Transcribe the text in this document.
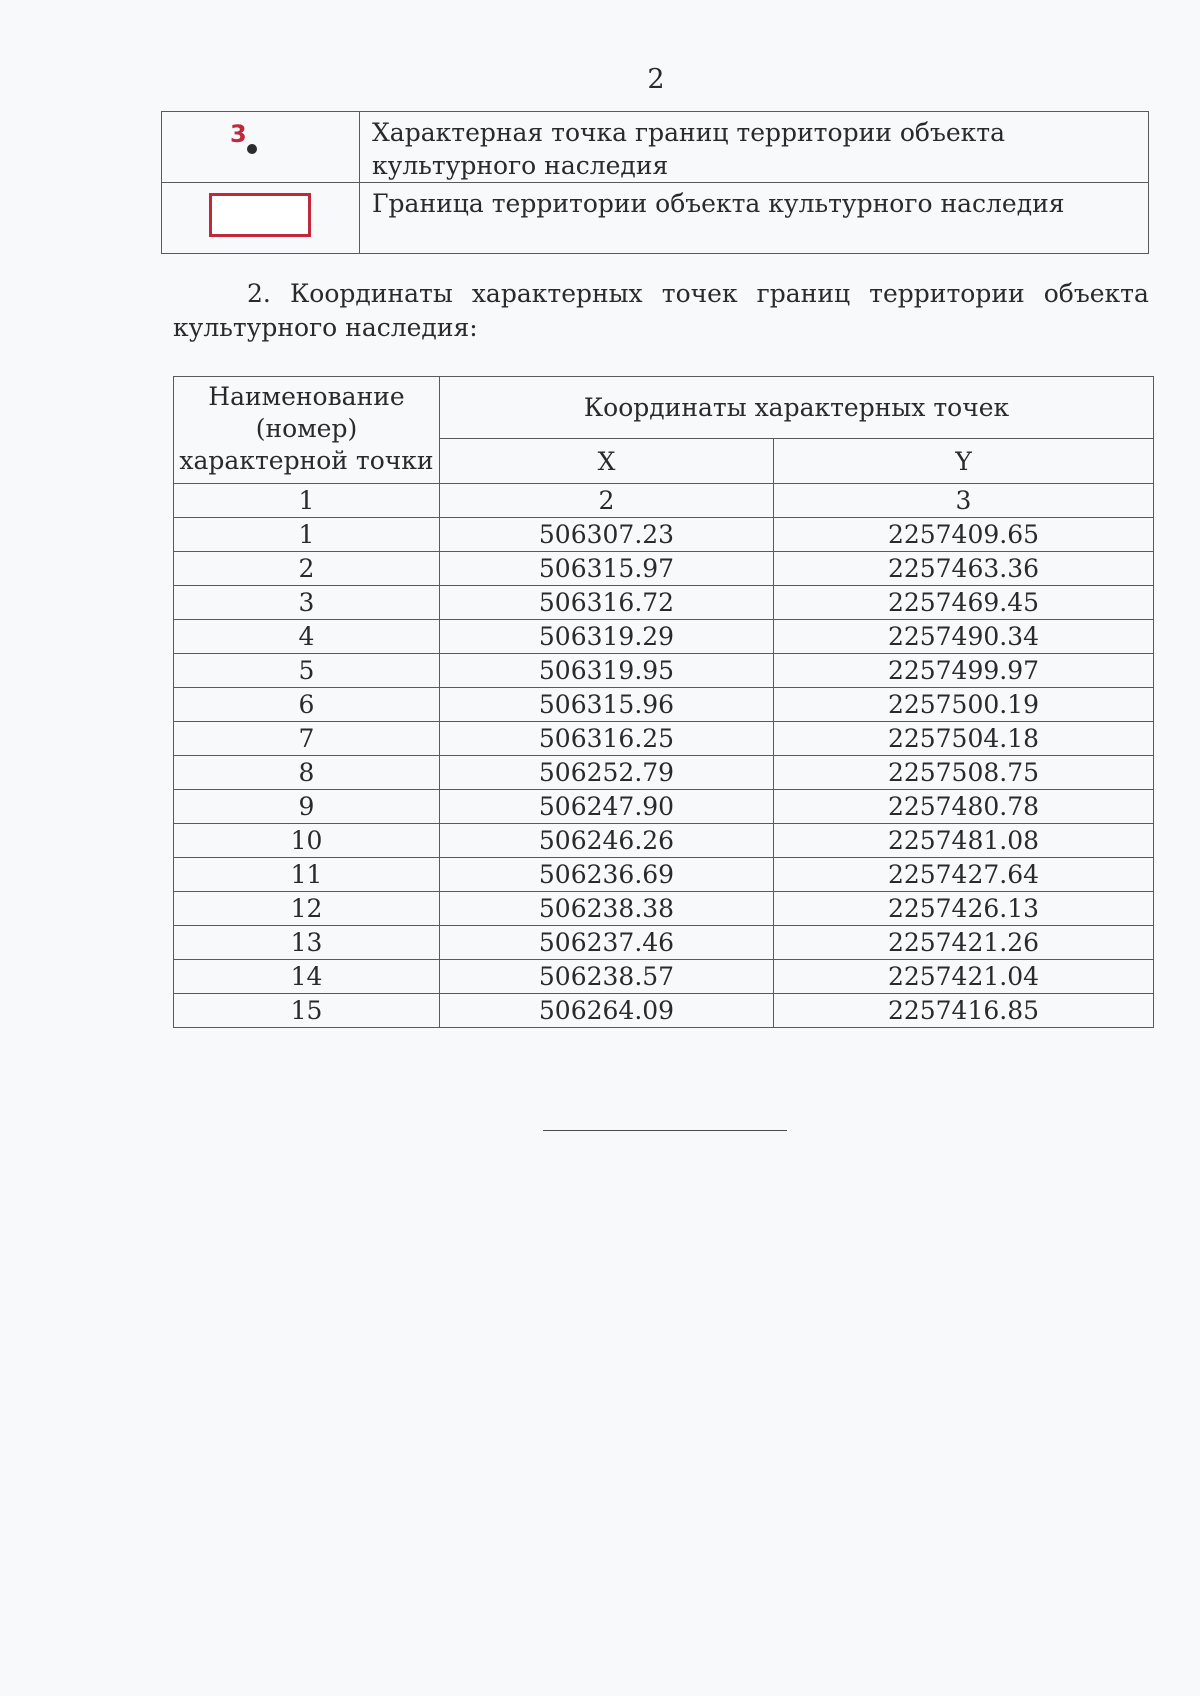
2
3	Характерная точка границ территории объекта культурного наследия

	Граница территории объекта культурного наследия
2. Координаты характерных точек границ территории объекта
культурного наследия:
Наименование (номер) характерной точки	Координаты характерных точек	
	X	Y
1	2	3
1	506307.23	2257409.65
2	506315.97	2257463.36
3	506316.72	2257469.45
4	506319.29	2257490.34
5	506319.95	2257499.97
6	506315.96	2257500.19
7	506316.25	2257504.18
8	506252.79	2257508.75
9	506247.90	2257480.78
10	506246.26	2257481.08
11	506236.69	2257427.64
12	506238.38	2257426.13
13	506237.46	2257421.26
14	506238.57	2257421.04
15	506264.09	2257416.85
